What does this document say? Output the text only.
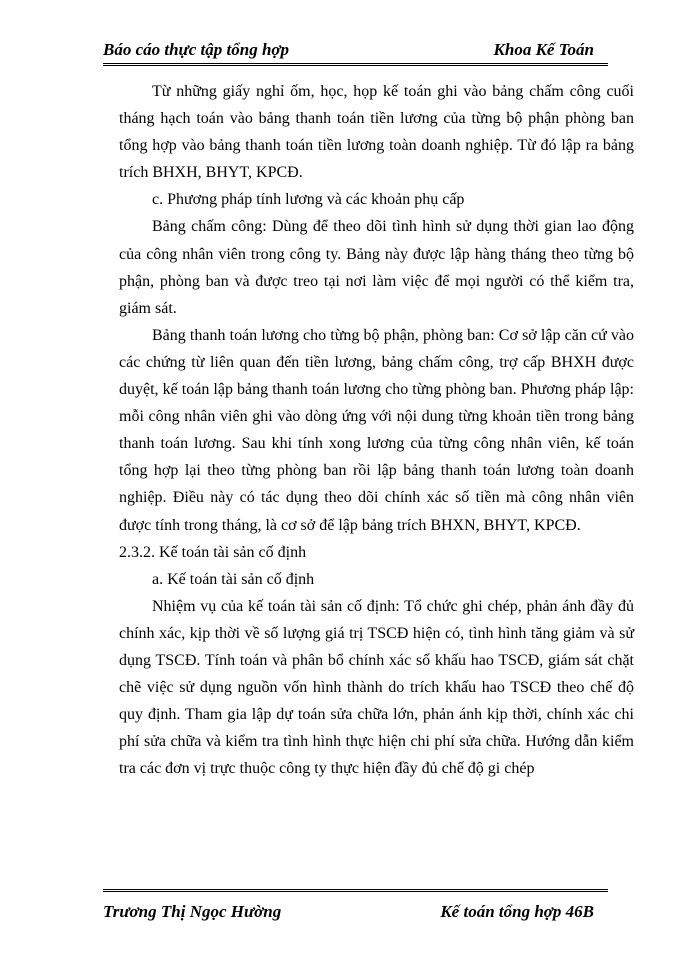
Báo cáo thực tập tổng hợp	Khoa Kế Toán

Từ những giấy nghỉ ốm, học, họp kế toán ghi vào bảng chấm công cuối tháng hạch toán vào bảng thanh toán tiền lương của từng bộ phận phòng ban tổng hợp vào bảng thanh toán tiền lương toàn doanh nghiệp. Từ đó lập ra bảng trích BHXH, BHYT, KPCĐ.

c. Phương pháp tính lương và các khoản phụ cấp

Bảng chấm công: Dùng để theo dõi tình hình sử dụng thời gian lao động của công nhân viên trong công ty. Bảng này được lập hàng tháng theo từng bộ phận, phòng ban và được treo tại nơi làm việc để mọi người có thể kiểm tra, giám sát.

Bảng thanh toán lương cho từng bộ phận, phòng ban: Cơ sở lập căn cứ vào các chứng từ liên quan đến tiền lương, bảng chấm công, trợ cấp BHXH được duyệt, kế toán lập bảng thanh toán lương cho từng phòng ban. Phương pháp lập: mỗi công nhân viên ghi vào dòng ứng với nội dung từng khoản tiền trong bảng thanh toán lương. Sau khi tính xong lương của từng công nhân viên, kế toán tổng hợp lại theo từng phòng ban rồi lập bảng thanh toán lương toàn doanh nghiệp. Điều này có tác dụng theo dõi chính xác số tiền mà công nhân viên được tính trong tháng, là cơ sở để lập bảng trích BHXN, BHYT, KPCĐ.

2.3.2. Kế toán tài sản cố định

a. Kế toán tài sản cố định

Nhiệm vụ của kế toán tài sản cố định: Tổ chức ghi chép, phản ánh đầy đủ chính xác, kịp thời về số lượng giá trị TSCĐ hiện có, tình hình tăng giảm và sử dụng TSCĐ. Tính toán và phân bổ chính xác số khấu hao TSCĐ, giám sát chặt chẽ việc sử dụng nguồn vốn hình thành do trích khấu hao TSCĐ theo chế độ quy định. Tham gia lập dự toán sửa chữa lớn, phản ánh kịp thời, chính xác chi phí sửa chữa và kiểm tra tình hình thực hiện chi phí sửa chữa. Hướng dẫn kiểm tra các đơn vị trực thuộc công ty thực hiện đầy đủ chế độ gi chép

Trương Thị Ngọc Hường	Kế toán tổng hợp 46B
